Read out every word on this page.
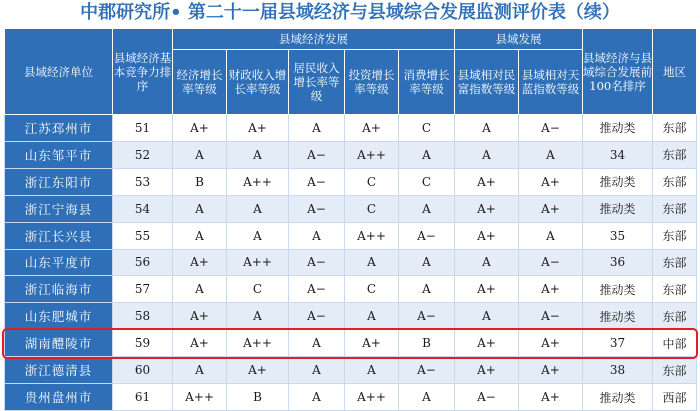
中郡研究所• 第二十一届县域经济与县域综合发展监测评价表（续）
县域经济单位	县域经济基本竞争力排序	县域经济发展					县域发展		县域经济与县域综合发展前100名排序	地区
		经济增长率等级	财政收入增长率等级	居民收入增长率等级	投资增长率等级	消费增长率等级	县域相对民富指数等级	县域相对天蓝指数等级		
江苏邳州市	51	A+	A+	A	A+	C	A	A−	推动类	东部
山东邹平市	52	A	A	A−	A++	A	A	A	34	东部
浙江东阳市	53	B	A++	A−	C	C	A+	A+	推动类	东部
浙江宁海县	54	A	A	A−	C	A	A+	A+	推动类	东部
浙江长兴县	55	A	A	A	A++	A−	A+	A	35	东部
山东平度市	56	A+	A++	A−	A	A	A	A−	36	东部
浙江临海市	57	A	C	A−	C	A	A+	A+	推动类	东部
山东肥城市	58	A+	A	A−	A	A−	A	A−	推动类	东部
湖南醴陵市	59	A+	A++	A	A+	B	A+	A+	37	中部
浙江德清县	60	A	A+	A	A	A−	A+	A+	38	东部
贵州盘州市	61	A++	B	A	A++	A	A−	A+	推动类	西部
